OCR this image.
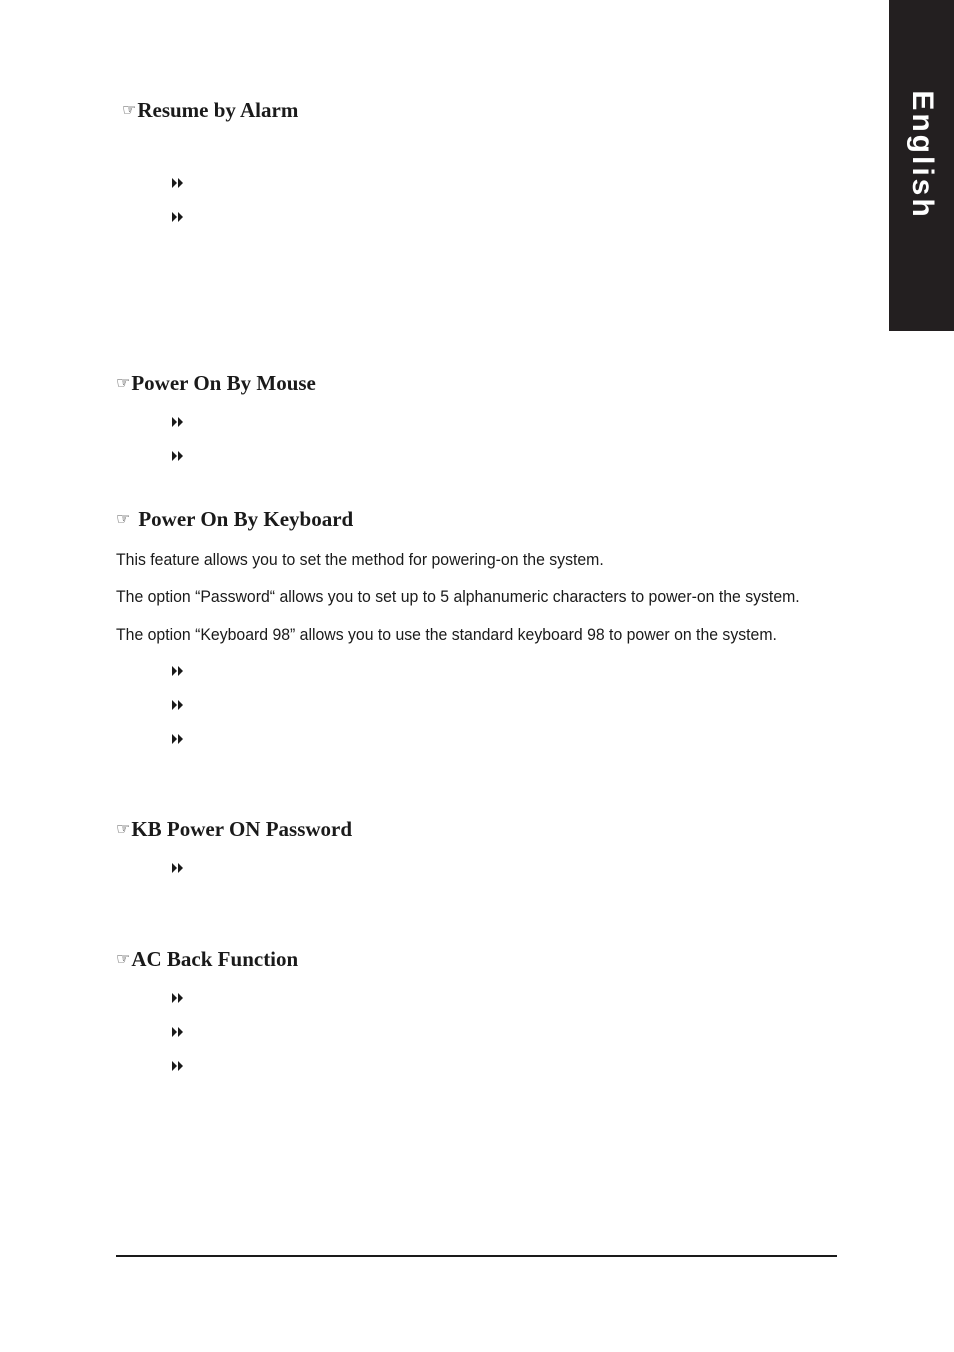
English
☞Resume by Alarm
☞Power On By Mouse
☞ Power On By Keyboard
This feature allows you to set the method for powering-on the system.
The option “Password“ allows you to set up to 5 alphanumeric characters to power-on the system.
The option “Keyboard 98” allows you to use the standard keyboard 98 to power on the system.
☞KB Power ON Password
☞AC Back Function
